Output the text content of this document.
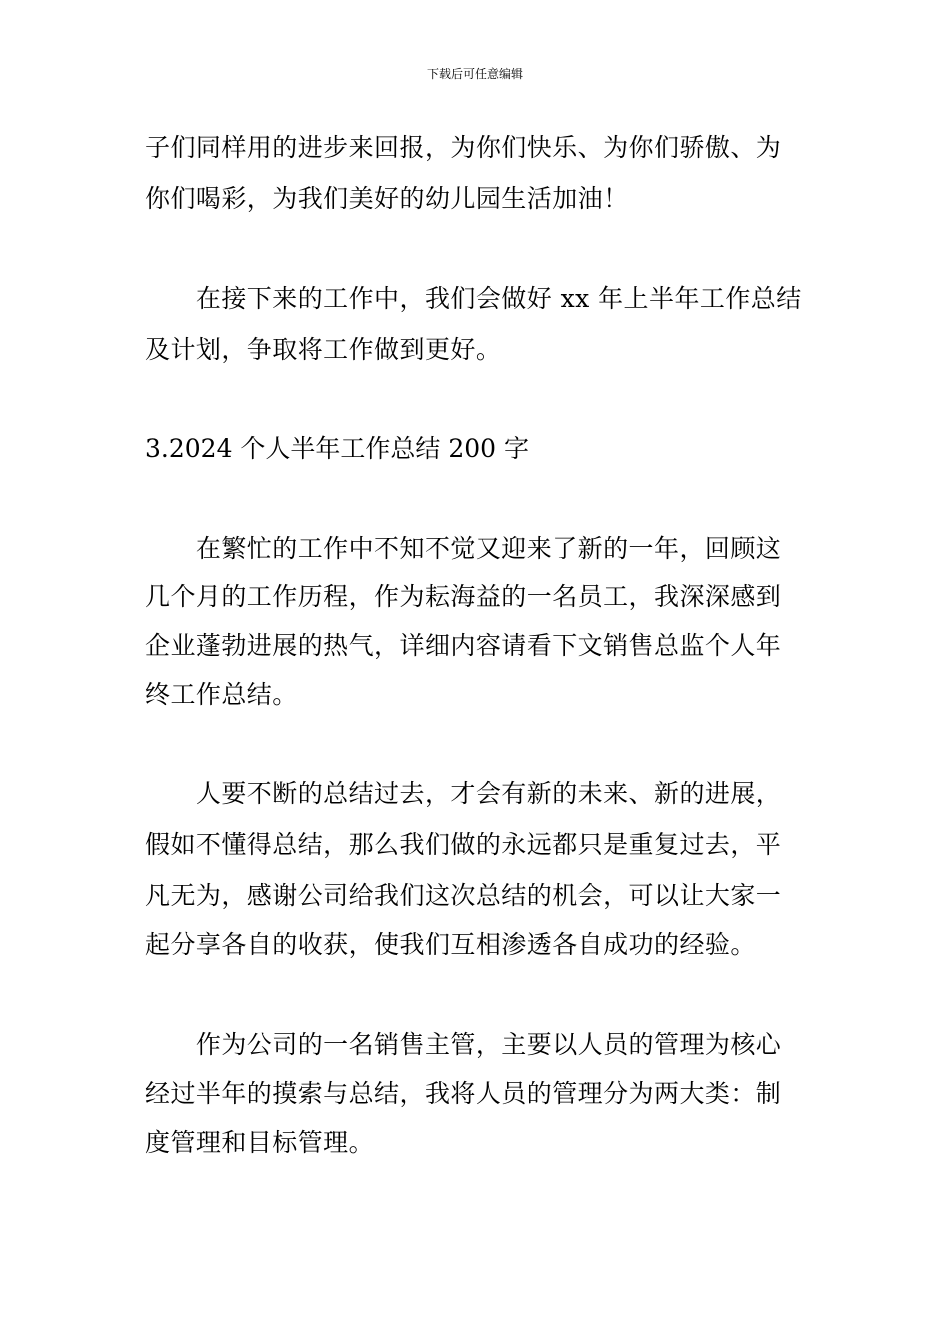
下载后可任意编辑
子们同样用的进步来回报，为你们快乐、为你们骄傲、为
你们喝彩，为我们美好的幼儿园生活加油！
　　在接下来的工作中，我们会做好 xx 年上半年工作总结
及计划，争取将工作做到更好。
3.2024 个人半年工作总结 200 字
　　在繁忙的工作中不知不觉又迎来了新的一年，回顾这
几个月的工作历程，作为耘海益的一名员工，我深深感到
企业蓬勃进展的热气，详细内容请看下文销售总监个人年
终工作总结。
　　人要不断的总结过去，才会有新的未来、新的进展，
假如不懂得总结，那么我们做的永远都只是重复过去，平
凡无为，感谢公司给我们这次总结的机会，可以让大家一
起分享各自的收获，使我们互相渗透各自成功的经验。
　　作为公司的一名销售主管，主要以人员的管理为核心
经过半年的摸索与总结，我将人员的管理分为两大类：制
度管理和目标管理。
